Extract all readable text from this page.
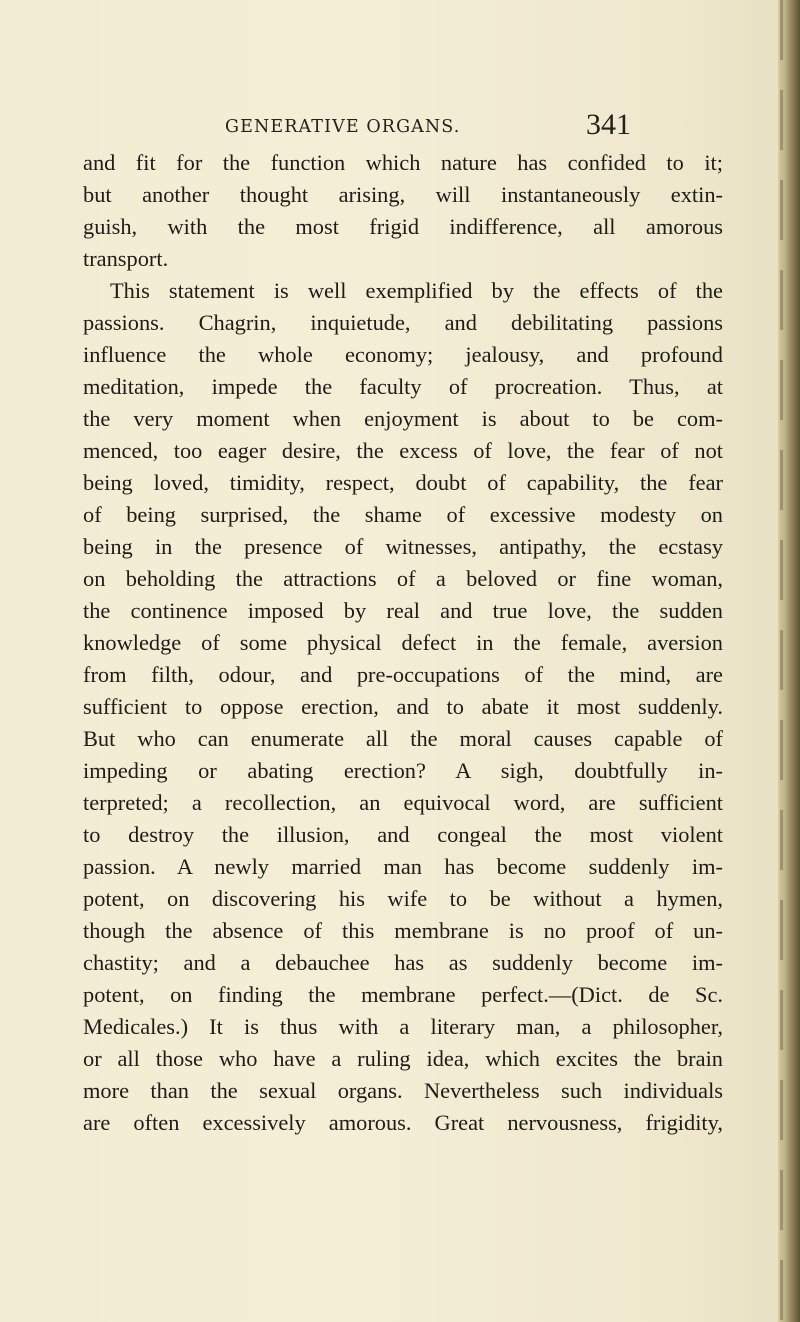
GENERATIVE ORGANS.	341
and fit for the function which nature has confided to it;
but another thought arising, will instantaneously extin-
guish, with the most frigid indifference, all amorous
transport.
This statement is well exemplified by the effects of the
passions. Chagrin, inquietude, and debilitating passions
influence the whole economy; jealousy, and profound
meditation, impede the faculty of procreation. Thus, at
the very moment when enjoyment is about to be com-
menced, too eager desire, the excess of love, the fear of not
being loved, timidity, respect, doubt of capability, the fear
of being surprised, the shame of excessive modesty on
being in the presence of witnesses, antipathy, the ecstasy
on beholding the attractions of a beloved or fine woman,
the continence imposed by real and true love, the sudden
knowledge of some physical defect in the female, aversion
from filth, odour, and pre-occupations of the mind, are
sufficient to oppose erection, and to abate it most suddenly.
But who can enumerate all the moral causes capable of
impeding or abating erection? A sigh, doubtfully in-
terpreted; a recollection, an equivocal word, are sufficient
to destroy the illusion, and congeal the most violent
passion. A newly married man has become suddenly im-
potent, on discovering his wife to be without a hymen,
though the absence of this membrane is no proof of un-
chastity; and a debauchee has as suddenly become im-
potent, on finding the membrane perfect.—(Dict. de Sc.
Medicales.) It is thus with a literary man, a philosopher,
or all those who have a ruling idea, which excites the brain
more than the sexual organs. Nevertheless such individuals
are often excessively amorous. Great nervousness, frigidity,
